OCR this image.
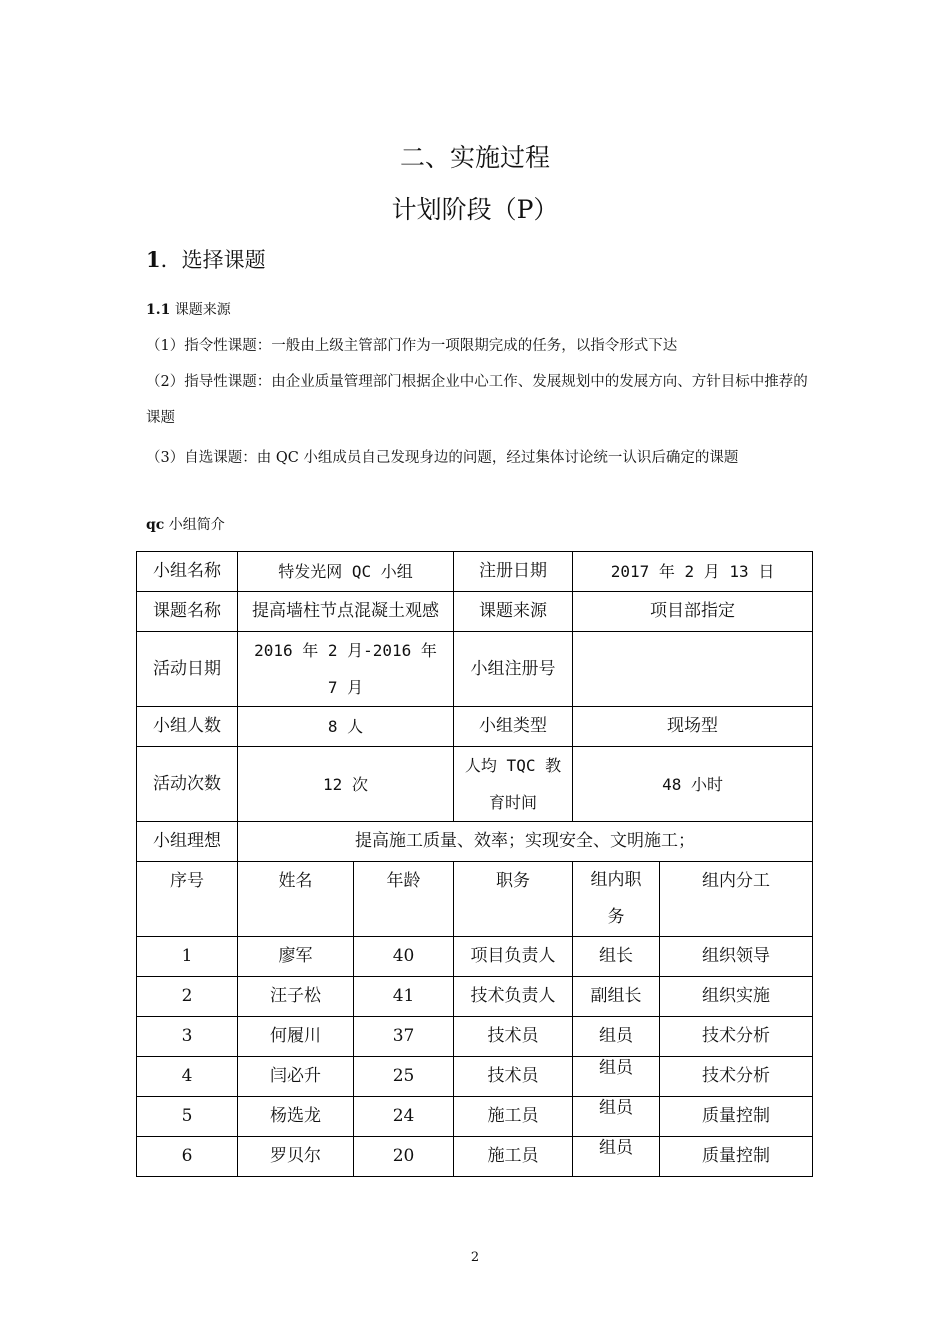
二、实施过程
计划阶段（P）
1．选择课题
1.1 课题来源
（1）指令性课题：一般由上级主管部门作为一项限期完成的任务，以指令形式下达
（2）指导性课题：由企业质量管理部门根据企业中心工作、发展规划中的发展方向、方针目标中推荐的课题
（3）自选课题：由 QC 小组成员自己发现身边的问题，经过集体讨论统一认识后确定的课题
qc 小组简介
小组名称	特发光网 QC 小组		注册日期	2017 年 2 月 13 日	
课题名称	提高墙柱节点混凝土观感		课题来源	项目部指定	
活动日期	2016 年 2 月-2016 年 7 月		小组注册号		
小组人数	8 人		小组类型	现场型	
活动次数	12 次		人均 TQC 教育时间	48 小时	
小组理想	提高施工质量、效率；实现安全、文明施工；				
序号	姓名	年龄	职务	组内职务	组内分工
1	廖军	40	项目负责人	组长	组织领导
2	汪子松	41	技术负责人	副组长	组织实施
3	何履川	37	技术员	组员	技术分析
4	闫必升	25	技术员	组员	技术分析
5	杨选龙	24	施工员	组员	质量控制
6	罗贝尔	20	施工员	组员	质量控制
2
